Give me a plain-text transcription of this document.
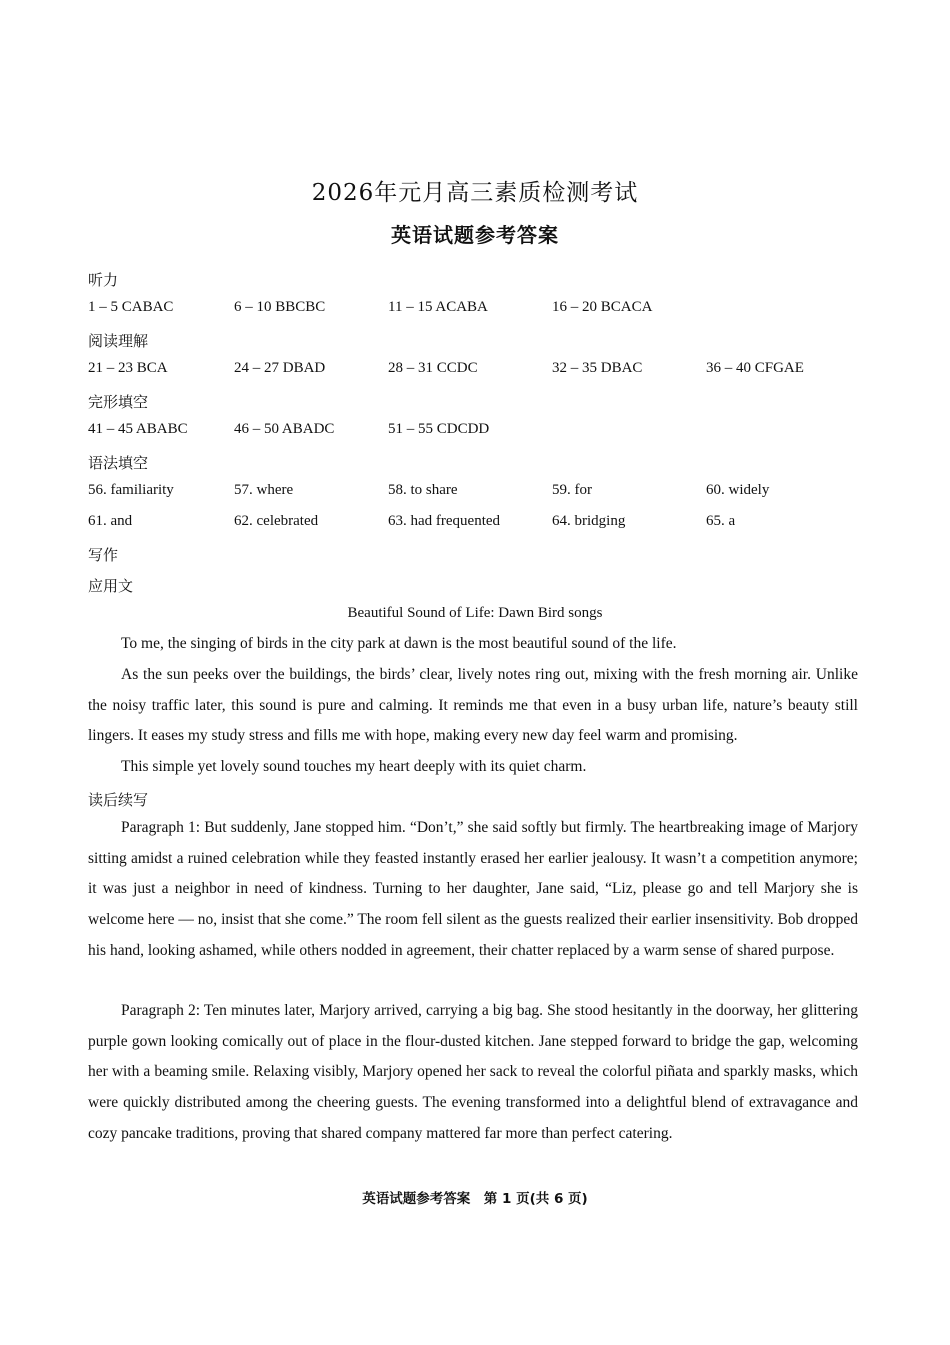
2026年元月高三素质检测考试
英语试题参考答案
听力
1 – 5 CABAC	6 – 10 BBCBC	11 – 15 ACABA	16 – 20 BCACA
阅读理解
21 – 23 BCA	24 – 27 DBAD	28 – 31 CCDC	32 – 35 DBAC	36 – 40 CFGAE
完形填空
41 – 45 ABABC	46 – 50 ABADC	51 – 55 CDCDD
语法填空
56. familiarity	57. where	58. to share	59. for	60. widely
61. and	62. celebrated	63. had frequented	64. bridging	65. a
写作
应用文
Beautiful Sound of Life: Dawn Bird songs

To me, the singing of birds in the city park at dawn is the most beautiful sound of the life.

As the sun peeks over the buildings, the birds’ clear, lively notes ring out, mixing with the fresh morning air. Unlike the noisy traffic later, this sound is pure and calming. It reminds me that even in a busy urban life, nature’s beauty still lingers. It eases my study stress and fills me with hope, making every new day feel warm and promising.

This simple yet lovely sound touches my heart deeply with its quiet charm.

读后续写

Paragraph 1: But suddenly, Jane stopped him. “Don’t,” she said softly but firmly. The heartbreaking image of Marjory sitting amidst a ruined celebration while they feasted instantly erased her earlier jealousy. It wasn’t a competition anymore; it was just a neighbor in need of kindness. Turning to her daughter, Jane said, “Liz, please go and tell Marjory she is welcome here — no, insist that she come.” The room fell silent as the guests realized their earlier insensitivity. Bob dropped his hand, looking ashamed, while others nodded in agreement, their chatter replaced by a warm sense of shared purpose.

Paragraph 2: Ten minutes later, Marjory arrived, carrying a big bag. She stood hesitantly in the doorway, her glittering purple gown looking comically out of place in the flour-dusted kitchen. Jane stepped forward to bridge the gap, welcoming her with a beaming smile. Relaxing visibly, Marjory opened her sack to reveal the colorful piñata and sparkly masks, which were quickly distributed among the cheering guests. The evening transformed into a delightful blend of extravagance and cozy pancake traditions, proving that shared company mattered far more than perfect catering.

英语试题参考答案　第 1 页(共 6 页)
